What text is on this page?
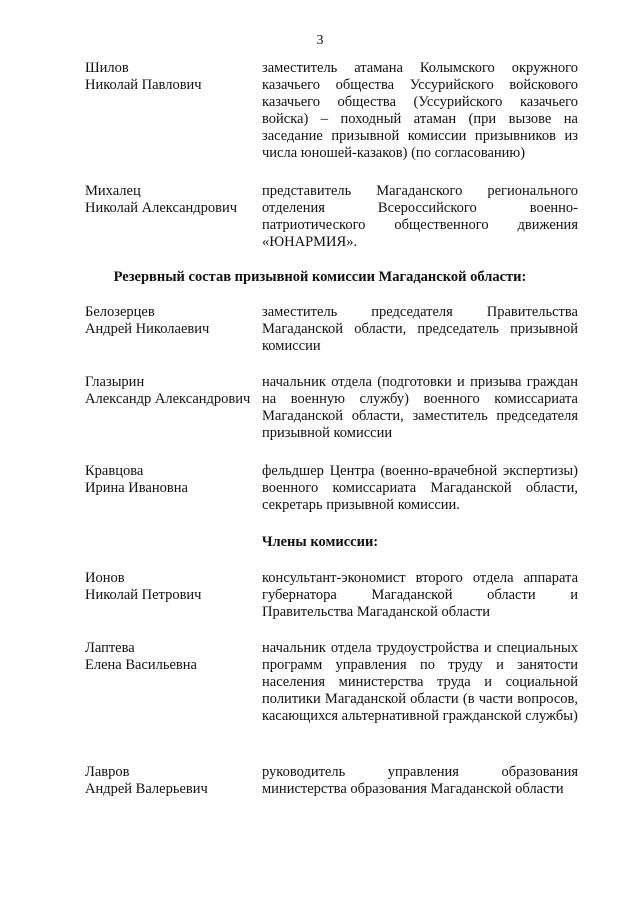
3
Шилов
Николай Павлович
заместитель атамана Колымского окружного казачьего общества Уссурийского войскового казачьего общества (Уссурийского казачьего войска) – походный атаман (при вызове на заседание призывной комиссии призывников из числа юношей-казаков) (по согласованию)
Михалец
Николай Александрович
представитель Магаданского регионального отделения Всероссийского военно-патриотического общественного движения «ЮНАРМИЯ».
Резервный состав призывной комиссии Магаданской области:
Белозерцев
Андрей Николаевич
заместитель председателя Правительства Магаданской области, председатель призывной комиссии
Глазырин
Александр Александрович
начальник отдела (подготовки и призыва граждан на военную службу) военного комиссариата Магаданской области, заместитель председателя призывной комиссии
Кравцова
Ирина Ивановна
фельдшер Центра (военно-врачебной экспертизы) военного комиссариата Магаданской области, секретарь призывной комиссии.
Члены комиссии:
Ионов
Николай Петрович
консультант-экономист второго отдела аппарата губернатора Магаданской области и Правительства Магаданской области
Лаптева
Елена Васильевна
начальник отдела трудоустройства и специальных программ управления по труду и занятости населения министерства труда и социальной политики Магаданской области (в части вопросов, касающихся альтернативной гражданской службы)
Лавров
Андрей Валерьевич
руководитель управления образования министерства образования Магаданской области
